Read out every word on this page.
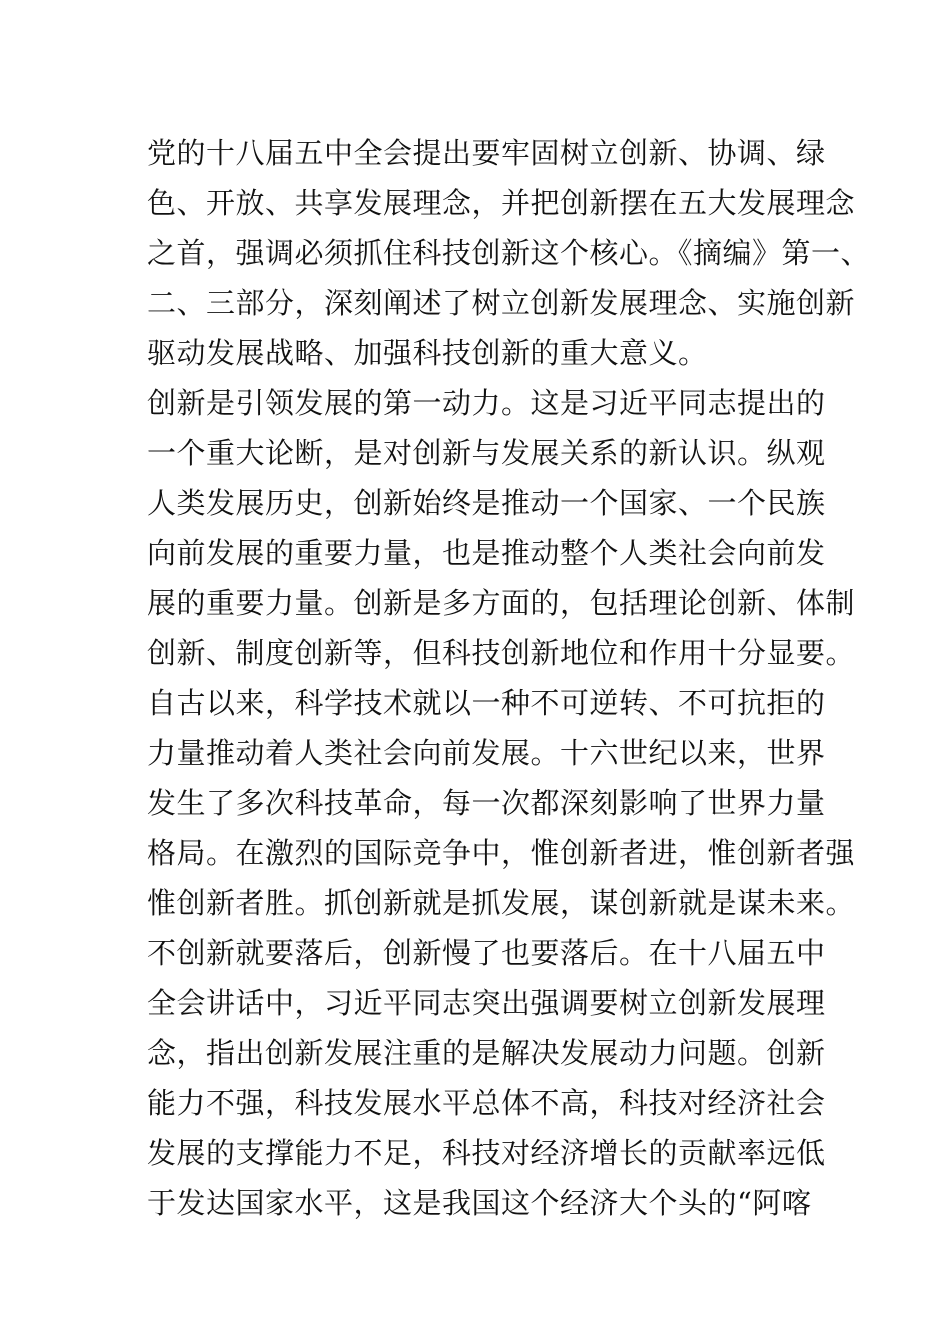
党的十八届五中全会提出要牢固树立创新、协调、绿
色、开放、共享发展理念，并把创新摆在五大发展理念
之首，强调必须抓住科技创新这个核心。《摘编》第一、
二、三部分，深刻阐述了树立创新发展理念、实施创新
驱动发展战略、加强科技创新的重大意义。
创新是引领发展的第一动力。这是习近平同志提出的
一个重大论断，是对创新与发展关系的新认识。纵观
人类发展历史，创新始终是推动一个国家、一个民族
向前发展的重要力量，也是推动整个人类社会向前发
展的重要力量。创新是多方面的，包括理论创新、体制
创新、制度创新等，但科技创新地位和作用十分显要。
自古以来，科学技术就以一种不可逆转、不可抗拒的
力量推动着人类社会向前发展。十六世纪以来，世界
发生了多次科技革命，每一次都深刻影响了世界力量
格局。在激烈的国际竞争中，惟创新者进，惟创新者强
惟创新者胜。抓创新就是抓发展，谋创新就是谋未来。
不创新就要落后，创新慢了也要落后。在十八届五中
全会讲话中，习近平同志突出强调要树立创新发展理
念，指出创新发展注重的是解决发展动力问题。创新
能力不强，科技发展水平总体不高，科技对经济社会
发展的支撑能力不足，科技对经济增长的贡献率远低
于发达国家水平，这是我国这个经济大个头的“阿喀
